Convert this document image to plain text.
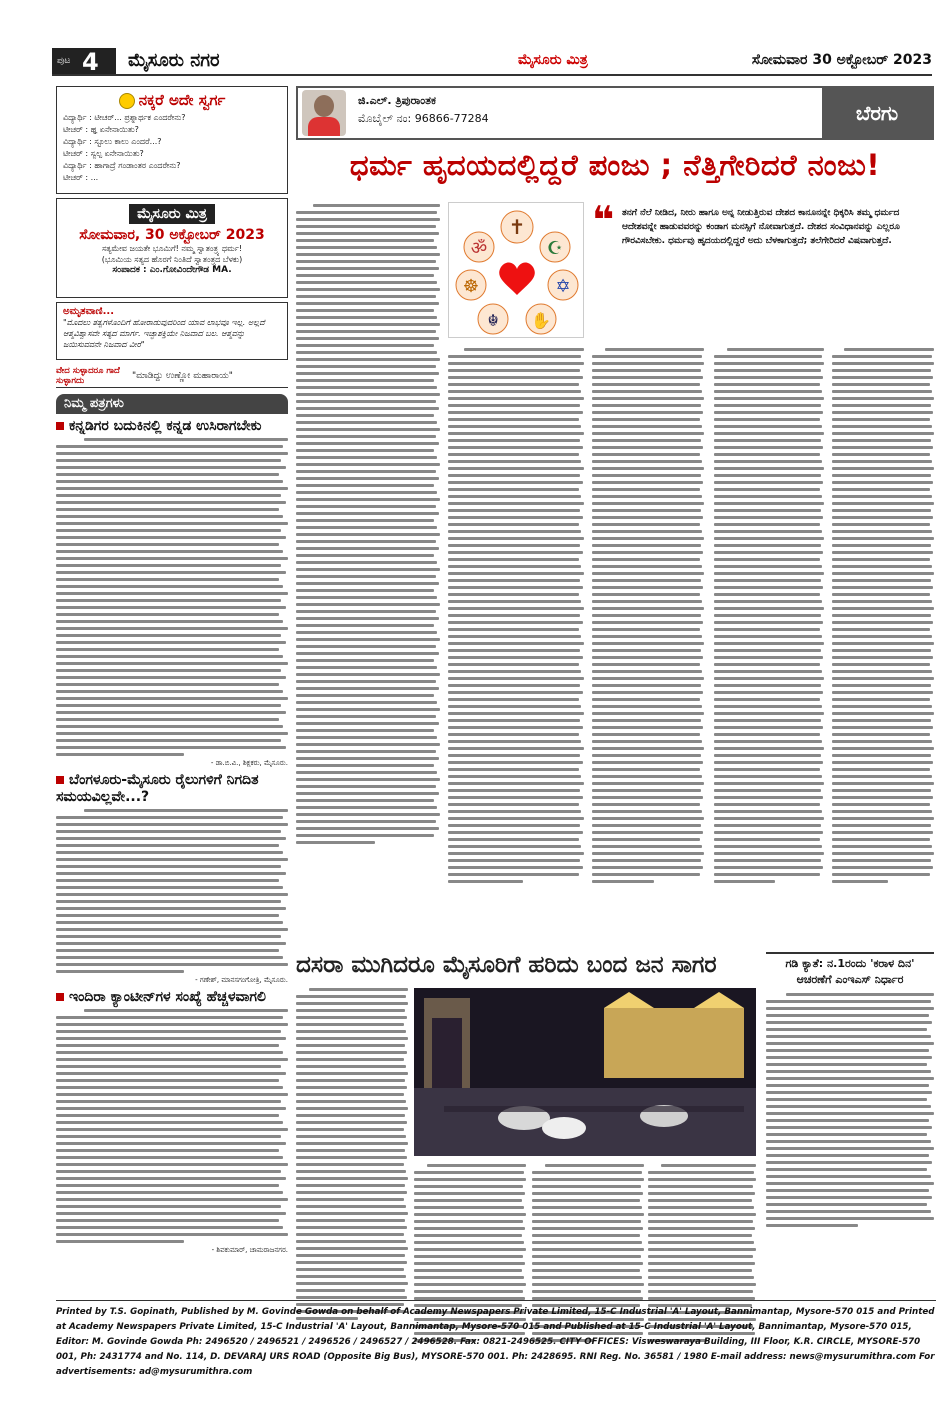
ಪುಟ 4 ಮೈಸೂರು ನಗರ	ಮೈಸೂರು ಮಿತ್ರ	ಸೋಮವಾರ 30 ಅಕ್ಟೋಬರ್ 2023
ನಕ್ಕರೆ ಅದೇ ಸ್ವರ್ಗ
ವಿದ್ಯಾರ್ಥಿ : ಟೀಚರ್... ಪ್ರಶ್ನಾರ್ಥಕ ಎಂದರೇನು?
ಟೀಚರ್ : ಹ್ಞ ಏನೇನಾಯಿತು?
ವಿದ್ಯಾರ್ಥಿ : ಸ್ಟೂಲು ಕಾಲು ಎಂದರೆ...?
ಟೀಚರ್ : ಸ್ವಲ್ಪ ಏನೇನಾಯಿತು?
ವಿದ್ಯಾರ್ಥಿ : ಹಾಗಾದ್ರೆ ಗಂಡಾಂತರ ಎಂದರೇನು?
ಟೀಚರ್ : ...
ಮೈಸೂರು ಮಿತ್ರ
ಸೋಮವಾರ, 30 ಅಕ್ಟೋಬರ್ 2023
ಸತ್ಯಮೇವ ಜಯತೇ ಭೂಮಿಗೆ! ನಮ್ಮ ಸ್ವಾತಂತ್ರ್ಯ ಧರ್ಮ!
(ಭೂಮಿಯ ಸತ್ಯದ ಹೊರಗೆ ನಿಂತಿದೆ ಸ್ವಾತಂತ್ರ್ಯದ ಬೆಳಕು)
ಸಂಪಾದಕ : ಎಂ.ಗೋವಿಂದೇಗೌಡ MA.
ಅಮೃತವಾಣಿ...
"ಮೊದಲು ತತ್ವಗಳೊಂದಿಗೆ ಹೋರಾಡುವುದರಿಂದ ಯಾವ ಲಾಭವೂ ಇಲ್ಲ. ಅಲ್ಲದೆ ಆತ್ಮವಿಶ್ವಾಸವೇ ಸತ್ಯದ ಮಾರ್ಗ. ಇಚ್ಛಾಶಕ್ತಿಯೇ ನಿಜವಾದ ಬಲ. ಆತ್ಮವನ್ನು ಜಯಿಸುವವನೇ ನಿಜವಾದ ವೀರ"
ವೇದ ಸುಳ್ಳಾದರೂ ಗಾದೆ ಸುಳ್ಳಾಗದು	"ಮಾಡಿದ್ದು ಉಣ್ಣೋ ಮಹಾರಾಯ"
ನಿಮ್ಮ ಪತ್ರಗಳು
ಕನ್ನಡಿಗರ ಬದುಕಿನಲ್ಲಿ ಕನ್ನಡ ಉಸಿರಾಗಬೇಕು
- ಡಾ.ಬಿ.ವಿ., ಶಿಕ್ಷಕರು, ಮೈಸೂರು.
ಬೆಂಗಳೂರು-ಮೈಸೂರು ರೈಲುಗಳಿಗೆ ನಿಗದಿತ ಸಮಯವಿಲ್ಲವೇ...?
- ಗಣೇಶ್, ಮಾನಸಗಂಗೋತ್ರಿ, ಮೈಸೂರು.
ಇಂದಿರಾ ಕ್ಯಾಂಟೀನ್‌ಗಳ ಸಂಖ್ಯೆ ಹೆಚ್ಚಳವಾಗಲಿ
- ಶಿವಕುಮಾರ್, ಚಾಮರಾಜನಗರ.
ಜಿ.ಎಲ್. ತ್ರಿಪುರಾಂತಕ
ಮೊಬೈಲ್ ನಂ: 96866-77284	ಬೆರಗು
ಧರ್ಮ ಹೃದಯದಲ್ಲಿದ್ದರೆ ಪಂಜು ; ನೆತ್ತಿಗೇರಿದರೆ ನಂಜು!
✝
ॐ	☪
☸	✡
☬ ✋
❝ ತನಗೆ ನೆಲೆ ನೀಡಿದ, ನೀರು ಹಾಗೂ ಅನ್ನ ನೀಡುತ್ತಿರುವ ದೇಶದ ಕಾನೂನನ್ನೇ ಧಿಕ್ಕರಿಸಿ ತಮ್ಮ ಧರ್ಮದ ಆದೇಶವನ್ನೇ ಹಾಡುವವರನ್ನು ಕಂಡಾಗ ಮನಸ್ಸಿಗೆ ನೋವಾಗುತ್ತದೆ. ದೇಶದ ಸಂವಿಧಾನವನ್ನು ಎಲ್ಲರೂ ಗೌರವಿಸಬೇಕು. ಧರ್ಮವು ಹೃದಯದಲ್ಲಿದ್ದರೆ ಅದು ಬೆಳಕಾಗುತ್ತದೆ; ತಲೆಗೇರಿದರೆ ವಿಷವಾಗುತ್ತದೆ.
ದಸರಾ ಮುಗಿದರೂ ಮೈಸೂರಿಗೆ ಹರಿದು ಬಂದ ಜನ ಸಾಗರ	ಗಡಿ ಕ್ಯಾತೆ: ನ.1ರಂದು 'ಕರಾಳ ದಿನ' ಆಚರಣೆಗೆ ಎಂಇಎಸ್ ನಿರ್ಧಾರ
Printed by T.S. Gopinath, Published by M. Govinde Gowda on behalf of Academy Newspapers Private Limited, 15-C Industrial 'A' Layout, Bannimantap, Mysore-570 015 and Printed at Academy Newspapers Private Limited, 15-C Industrial 'A' Layout, Bannimantap, Mysore-570 015 and Published at 15-C Industrial 'A' Layout, Bannimantap, Mysore-570 015, Editor: M. Govinde Gowda Ph: 2496520 / 2496521 / 2496526 / 2496527 / 2496528. Fax: 0821-2496525. CITY OFFICES: Visweswaraya Building, III Floor, K.R. CIRCLE, MYSORE-570 001, Ph: 2431774 and No. 114, D. DEVARAJ URS ROAD (Opposite Big Bus), MYSORE-570 001. Ph: 2428695. RNI Reg. No. 36581 / 1980 E-mail address: news@mysurumithra.com For advertisements: ad@mysurumithra.com
